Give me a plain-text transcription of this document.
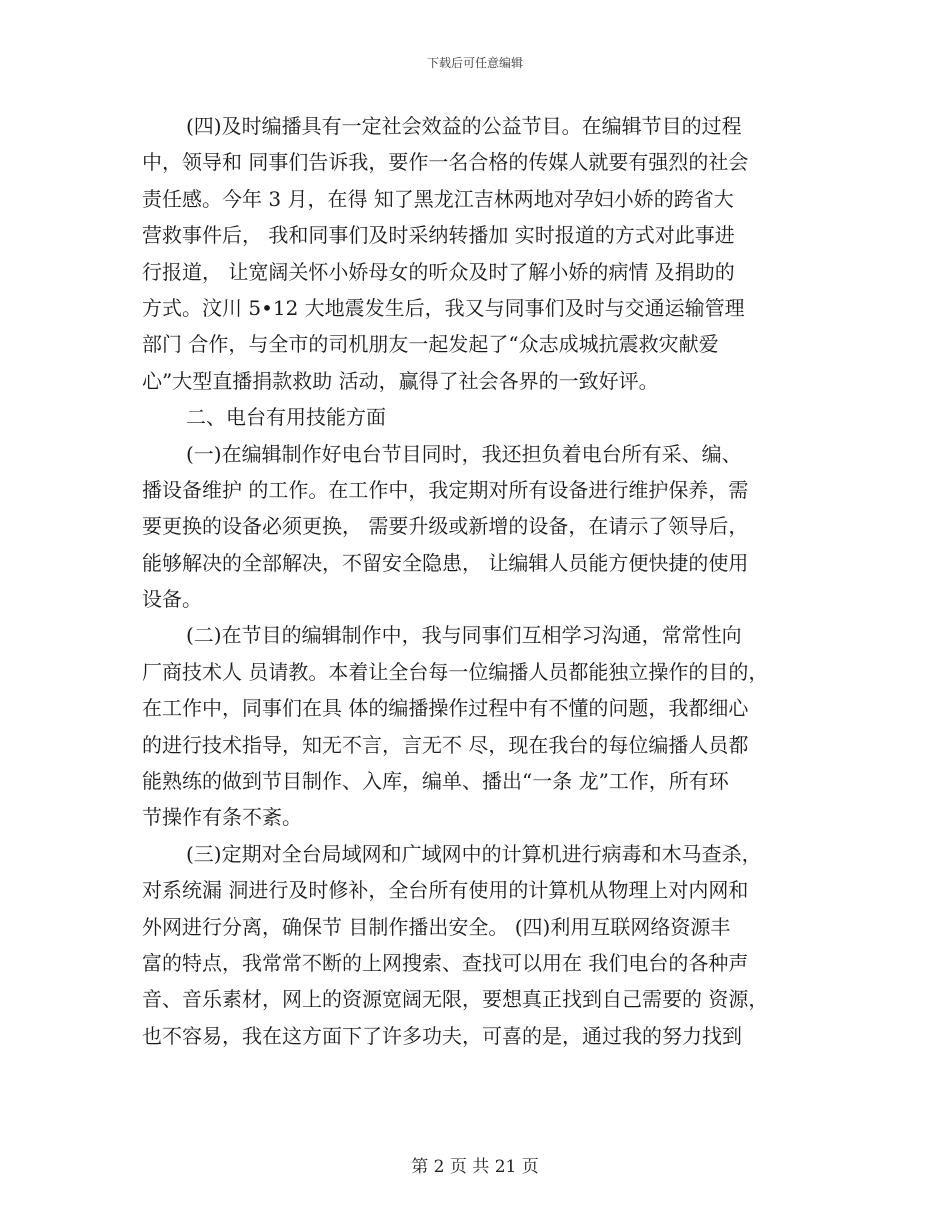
下载后可任意编辑
(四)及时编播具有一定社会效益的公益节目。在编辑节目的过程
中，领导和 同事们告诉我，要作一名合格的传媒人就要有强烈的社会
责任感。今年 3 月，在得 知了黑龙江吉林两地对孕妇小娇的跨省大
营救事件后， 我和同事们及时采纳转播加 实时报道的方式对此事进
行报道， 让宽阔关怀小娇母女的听众及时了解小娇的病情 及捐助的
方式。汶川 5•12 大地震发生后，我又与同事们及时与交通运输管理
部门 合作，与全市的司机朋友一起发起了“众志成城抗震救灾献爱
心”大型直播捐款救助 活动，赢得了社会各界的一致好评。
二、电台有用技能方面
(一)在编辑制作好电台节目同时，我还担负着电台所有采、编、
播设备维护 的工作。在工作中，我定期对所有设备进行维护保养，需
要更换的设备必须更换， 需要升级或新增的设备，在请示了领导后，
能够解决的全部解决，不留安全隐患， 让编辑人员能方便快捷的使用
设备。
(二)在节目的编辑制作中，我与同事们互相学习沟通，常常性向
厂商技术人 员请教。本着让全台每一位编播人员都能独立操作的目的，
在工作中，同事们在具 体的编播操作过程中有不懂的问题，我都细心
的进行技术指导，知无不言，言无不 尽，现在我台的每位编播人员都
能熟练的做到节目制作、入库，编单、播出“一条 龙”工作，所有环
节操作有条不紊。
(三)定期对全台局域网和广域网中的计算机进行病毒和木马查杀，
对系统漏 洞进行及时修补，全台所有使用的计算机从物理上对内网和
外网进行分离，确保节 目制作播出安全。 (四)利用互联网络资源丰
富的特点，我常常不断的上网搜索、查找可以用在 我们电台的各种声
音、音乐素材，网上的资源宽阔无限，要想真正找到自己需要的 资源，
也不容易，我在这方面下了许多功夫，可喜的是，通过我的努力找到
第 2 页 共 21 页
